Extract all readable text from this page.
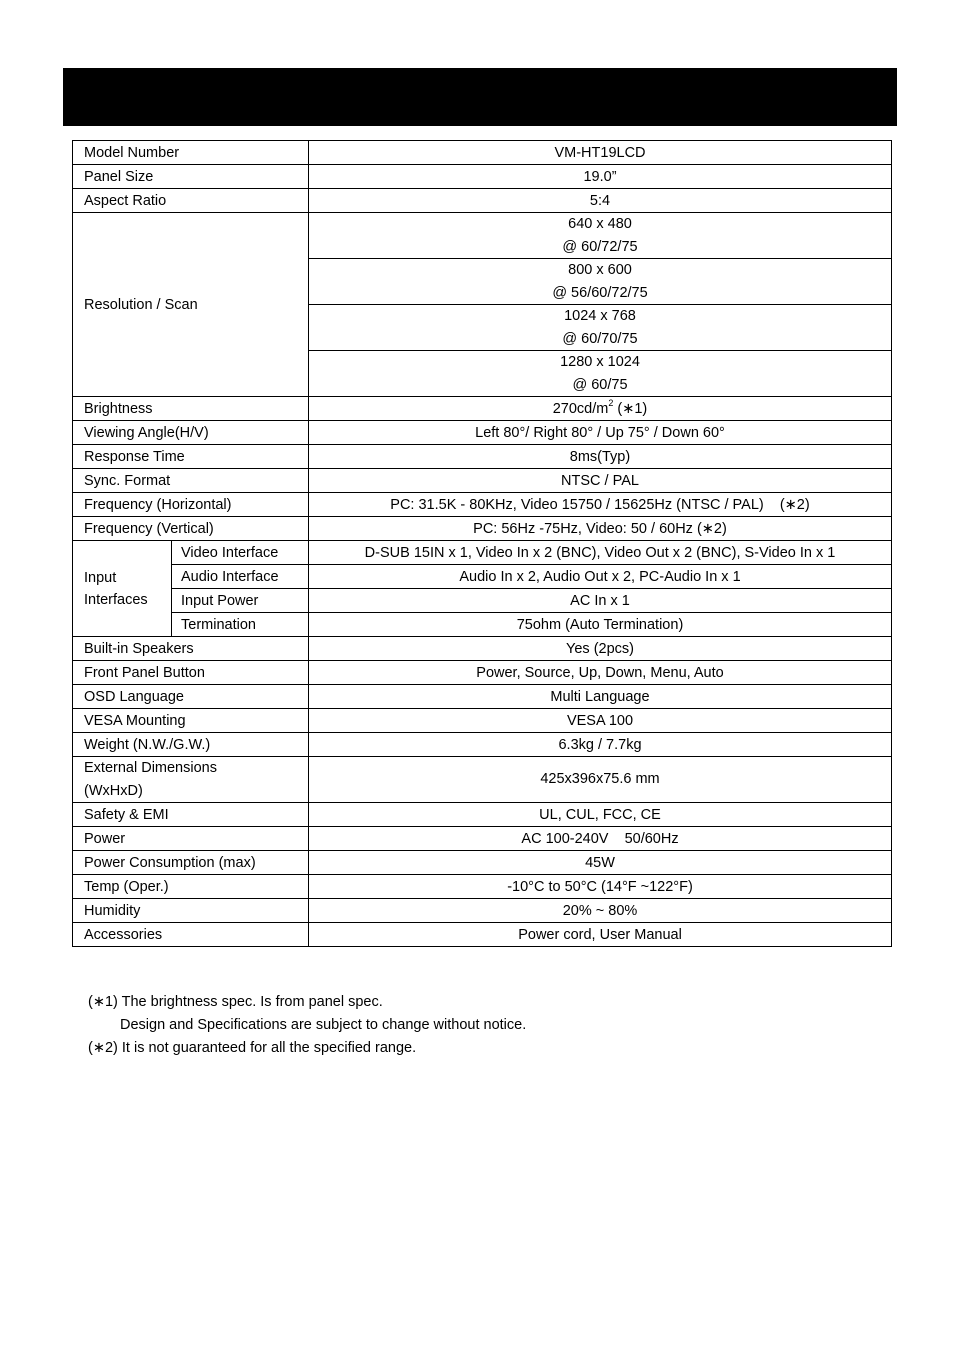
Model Number		VM-HT19LCD
Panel Size		19.0”
Aspect Ratio		5:4
Resolution / Scan		640 x 480
@ 60/72/75
		800 x 600
@ 56/60/72/75
		1024 x 768
@ 60/70/75
		1280 x 1024
@ 60/75
Brightness		$270cd/m^2$ (∗1)
Viewing Angle(H/V)		Left 80°/ Right 80° / Up 75° / Down 60°
Response Time		8ms(Typ)
Sync. Format		NTSC / PAL
Frequency (Horizontal)		PC: 31.5K - 80KHz, Video 15750 / 15625Hz (NTSC / PAL)    (∗2)
Frequency (Vertical)		PC: 56Hz -75Hz, Video: 50 / 60Hz (∗2)
Input
Interfaces	Video Interface	D-SUB 15IN x 1, Video In x 2 (BNC), Video Out x 2 (BNC), S-Video In x 1
	Audio Interface	Audio In x 2, Audio Out x 2, PC-Audio In x 1
	Input Power	AC In x 1
	Termination	75ohm (Auto Termination)
Built-in Speakers		Yes (2pcs)
Front Panel Button		Power, Source, Up, Down, Menu, Auto
OSD Language		Multi Language
VESA Mounting		VESA 100
Weight (N.W./G.W.)		6.3kg / 7.7kg
External Dimensions
(WxHxD)		425x396x75.6 mm
Safety & EMI		UL, CUL, FCC, CE
Power		AC 100-240V    50/60Hz
Power Consumption (max)		45W
Temp (Oper.)		-10°C to 50°C (14°F ~122°F)
Humidity		20% ~ 80%
Accessories		Power cord, User Manual
(∗1) The brightness spec. Is from panel spec.
Design and Specifications are subject to change without notice.
(∗2) It is not guaranteed for all the specified range.
